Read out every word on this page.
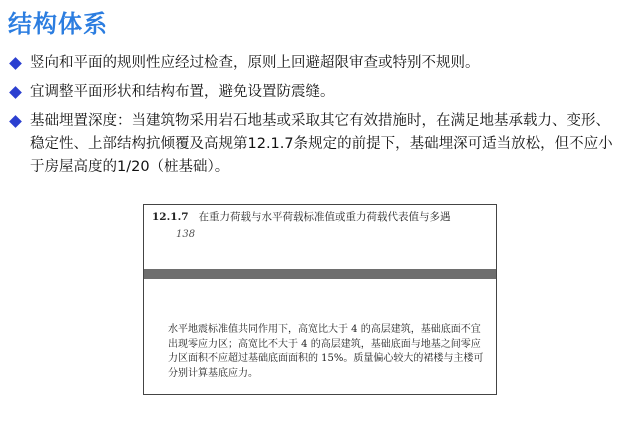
结构体系
竖向和平面的规则性应经过检查，原则上回避超限审查或特别不规则。
宜调整平面形状和结构布置，避免设置防震缝。
基础埋置深度：当建筑物采用岩石地基或采取其它有效措施时，在满足地基承载力、变形、稳定性、上部结构抗倾覆及高规第12.1.7条规定的前提下，基础埋深可适当放松，但不应小于房屋高度的1/20（桩基础）。
12.1.7 在重力荷载与水平荷载标准值或重力荷载代表值与多遇
138
水平地震标准值共同作用下，高宽比大于 4 的高层建筑，基础底面不宜出现零应力区；高宽比不大于 4 的高层建筑，基础底面与地基之间零应力区面积不应超过基础底面面积的 15%。质量偏心较大的裙楼与主楼可分别计算基底应力。
